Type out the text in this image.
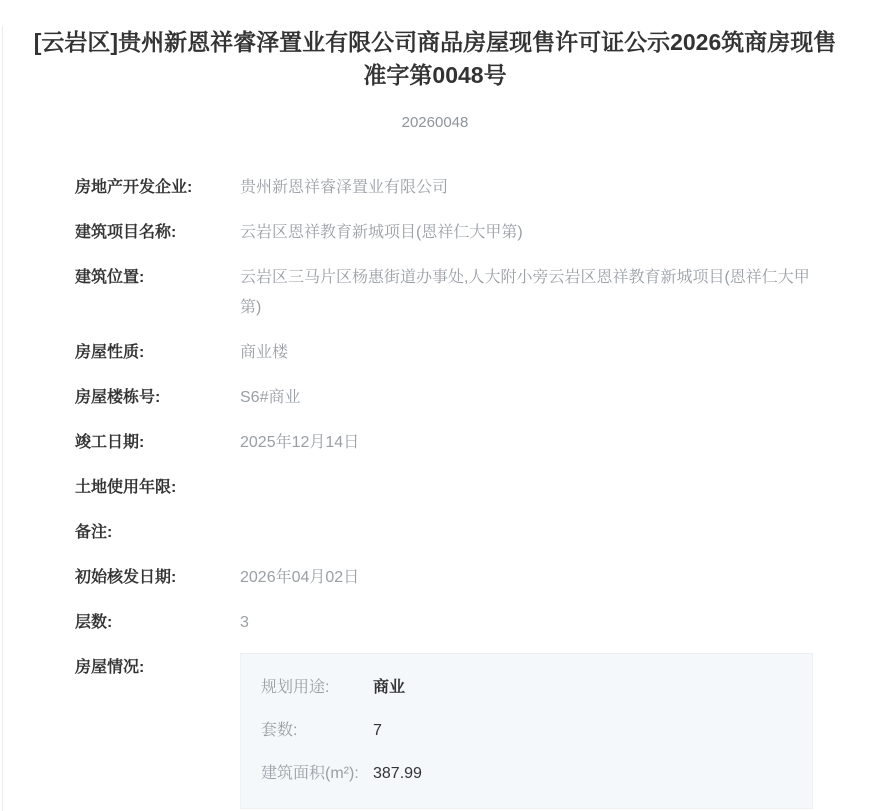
[云岩区]贵州新恩祥睿泽置业有限公司商品房屋现售许可证公示2026筑商房现售准字第0048号
20260048
房地产开发企业:	贵州新恩祥睿泽置业有限公司
建筑项目名称:	云岩区恩祥教育新城项目(恩祥仁大甲第)
建筑位置:	云岩区三马片区杨惠街道办事处,人大附小旁云岩区恩祥教育新城项目(恩祥仁大甲第)
房屋性质:	商业楼
房屋楼栋号:	S6#商业
竣工日期:	2025年12月14日
土地使用年限:
备注:
初始核发日期:	2026年04月02日
层数:	3
房屋情况:
规划用途:	商业
套数:	7
建筑面积(m²): 387.99
